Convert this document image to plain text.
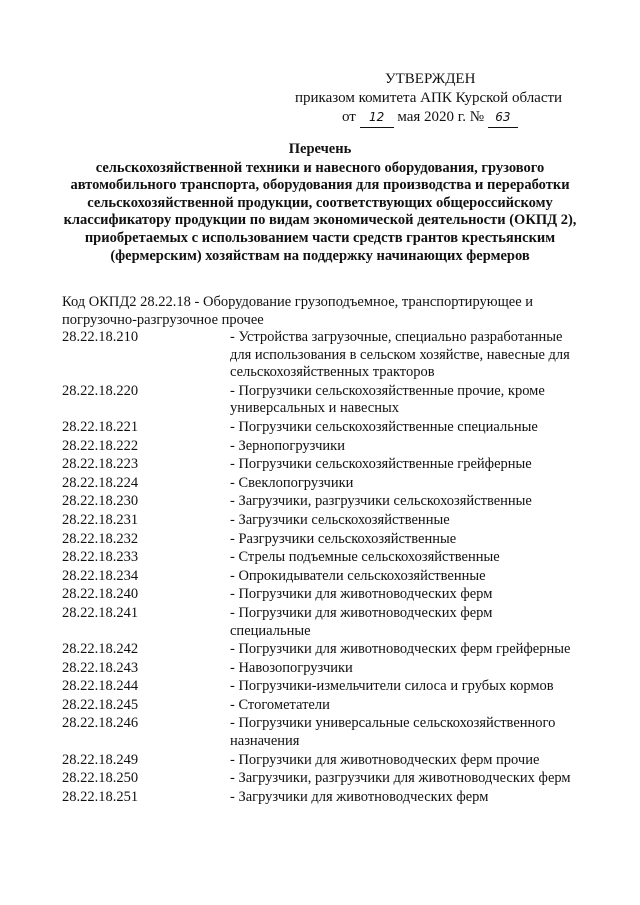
УТВЕРЖДЕН
приказом комитета АПК Курской области
от 12 мая 2020 г. № 63
Перечень
сельскохозяйственной техники и навесного оборудования, грузового автомобильного транспорта, оборудования для производства и переработки сельскохозяйственной продукции, соответствующих общероссийскому классификатору продукции по видам экономической деятельности (ОКПД 2), приобретаемых с использованием части средств грантов крестьянским (фермерским) хозяйствам на поддержку начинающих фермеров
Код ОКПД2 28.22.18 - Оборудование грузоподъемное, транспортирующее и погрузочно-разгрузочное прочее
28.22.18.210	- Устройства загрузочные, специально разработанные для использования в сельском хозяйстве, навесные для сельскохозяйственных тракторов
28.22.18.220	- Погрузчики сельскохозяйственные прочие, кроме универсальных и навесных
28.22.18.221	- Погрузчики сельскохозяйственные специальные
28.22.18.222	- Зернопогрузчики
28.22.18.223	- Погрузчики сельскохозяйственные грейферные
28.22.18.224	- Свеклопогрузчики
28.22.18.230	- Загрузчики, разгрузчики сельскохозяйственные
28.22.18.231	- Загрузчики сельскохозяйственные
28.22.18.232	- Разгрузчики сельскохозяйственные
28.22.18.233	- Стрелы подъемные сельскохозяйственные
28.22.18.234	- Опрокидыватели сельскохозяйственные
28.22.18.240	- Погрузчики для животноводческих ферм
28.22.18.241	- Погрузчики для животноводческих ферм специальные
28.22.18.242	- Погрузчики для животноводческих ферм грейферные
28.22.18.243	- Навозопогрузчики
28.22.18.244	- Погрузчики-измельчители силоса и грубых кормов
28.22.18.245	- Стогометатели
28.22.18.246	- Погрузчики универсальные сельскохозяйственного назначения
28.22.18.249	- Погрузчики для животноводческих ферм прочие
28.22.18.250	- Загрузчики, разгрузчики для животноводческих ферм
28.22.18.251	- Загрузчики для животноводческих ферм
